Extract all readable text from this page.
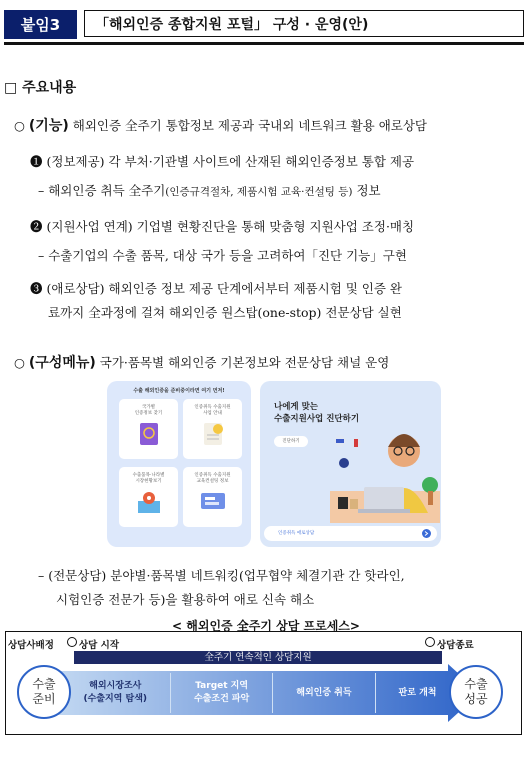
붙임3	「해외인증 종합지원 포털」 구성 · 운영(안)
□ 주요내용
○ (기능) 해외인증 全주기 통합정보 제공과 국내외 네트워크 활용 애로상담
❶ (정보제공) 각 부처·기관별 사이트에 산재된 해외인증정보 통합 제공
– 해외인증 취득 全주기(인증규격절차, 제품시험 교육·컨설팅 등) 정보
❷ (지원사업 연계) 기업별 현황진단을 통해 맞춤형 지원사업 조정·매칭
– 수출기업의 수출 품목, 대상 국가 등을 고려하여「진단 기능」구현
❸ (애로상담) 해외인증 정보 제공 단계에서부터 제품시험 및 인증 완
료까지 全과정에 걸쳐 해외인증 원스탑(one-stop) 전문상담 실현
○ (구성메뉴) 국가·품목별 해외인증 기본정보와 전문상담 채널 운영
수출 해외인증을 준비중이라면 여기 먼저!
국가별
인증정보 찾기
인증취득 수출지원
사업 안내
수출품목·나라별
시장현황보기
인증취득 수출지원
교육컨설팅 정보
나에게 맞는
수출지원사업 진단하기
진단하기
인증취득 애로상담
– (전문상담) 분야별·품목별 네트워킹(업무협약 체결기관 간 핫라인,
시험인증 전문가 등)을 활용하여 애로 신속 해소
< 해외인증 全주기 상담 프로세스>
상담사배정	상담 시작	상담종료
全주기 연속적인 상담지원
수출
준비
수출
성공
해외시장조사
(수출지역 탐색)
Target 지역
수출조건 파악
해외인증 취득	판로 개척
